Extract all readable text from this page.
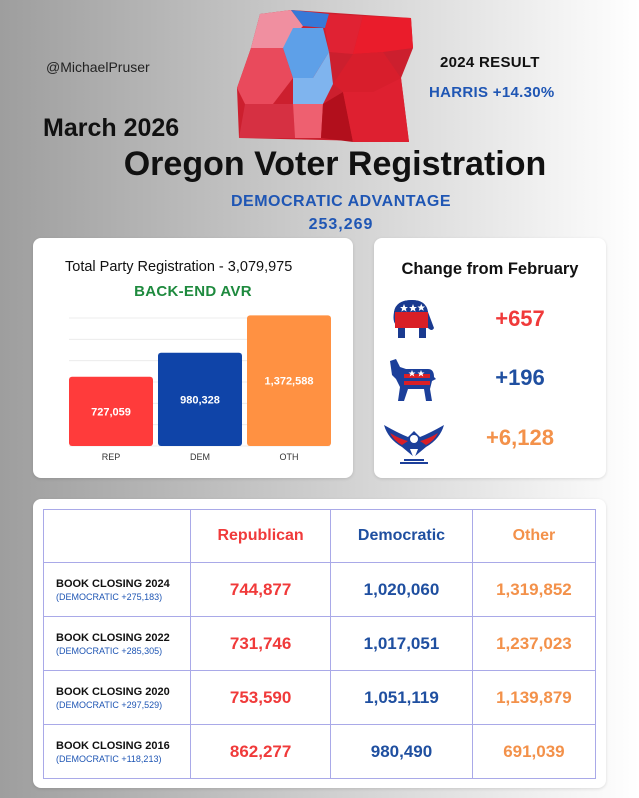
@MichaelPruser	2024 RESULT
HARRIS +14.30%
March 2026
Oregon Voter Registration
DEMOCRATIC ADVANTAGE
253,269
727,059
REP
980,328
DEM
1,372,588
OTH
Total Party Registration - 3,079,975
BACK-END AVR
Change from February
+657
+196
+6,128
	Republican	Democratic	Other

BOOK CLOSING 2024
(DEMOCRATIC +275,183)	744,877	1,020,060	1,319,852

BOOK CLOSING 2022
(DEMOCRATIC +285,305)	731,746	1,017,051	1,237,023

BOOK CLOSING 2020
(DEMOCRATIC +297,529)	753,590	1,051,119	1,139,879

BOOK CLOSING 2016
(DEMOCRATIC +118,213)	862,277	980,490	691,039
